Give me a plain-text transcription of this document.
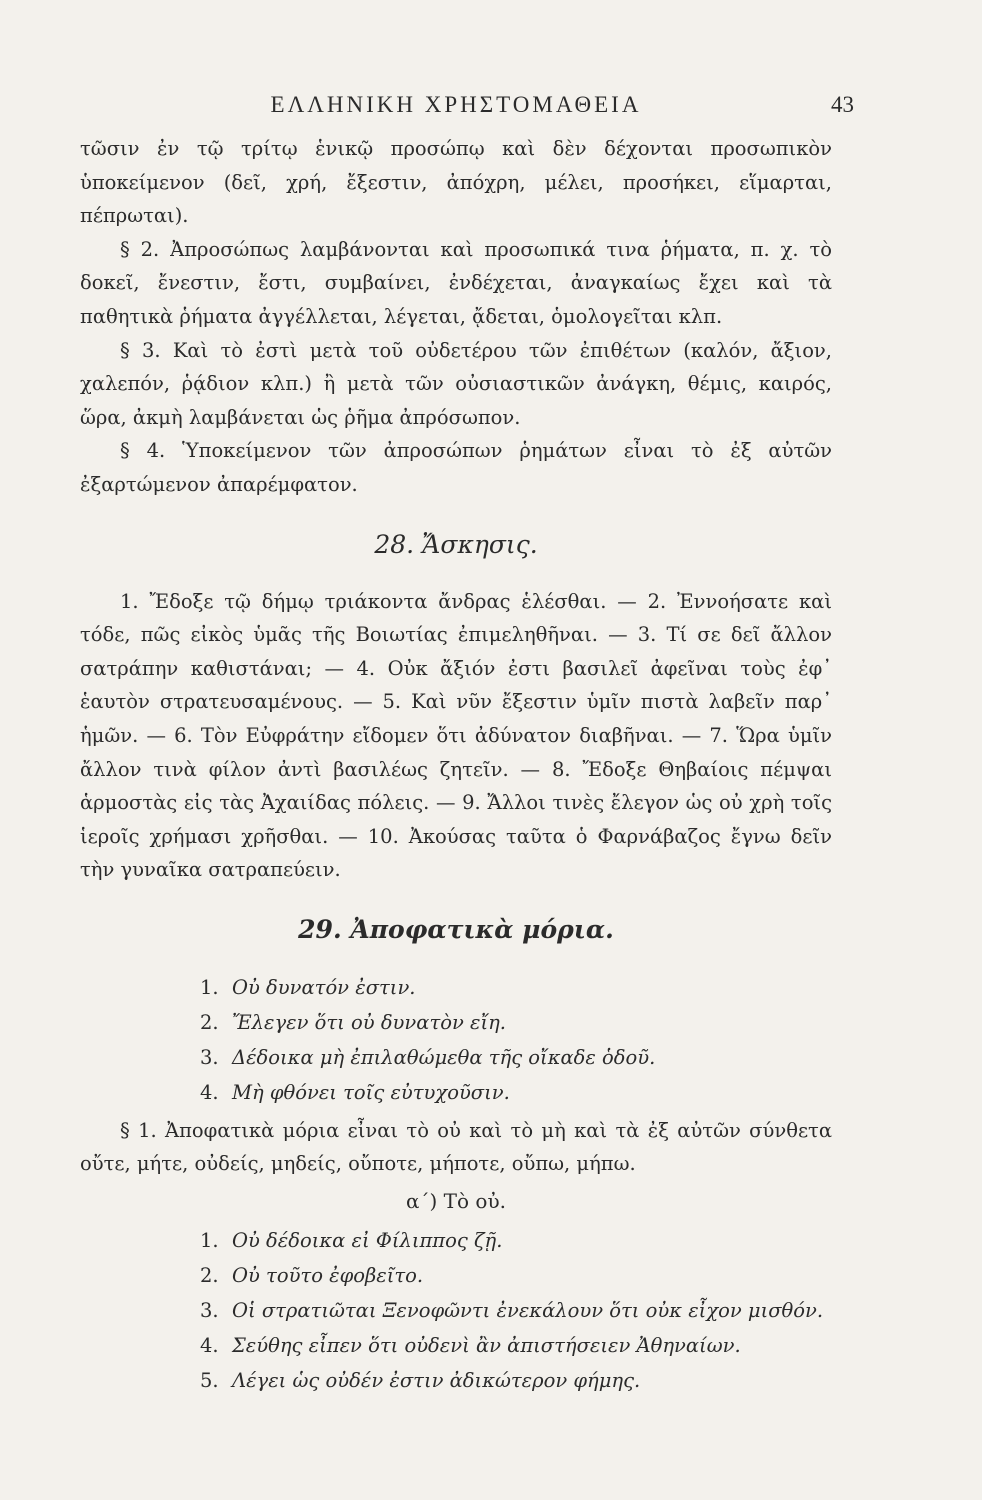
ΕΛΛΗΝΙΚΗ ΧΡΗΣΤΟΜΑΘΕΙΑ	43

τῶσιν ἐν τῷ τρίτῳ ἑνικῷ προσώπῳ καὶ δὲν δέχονται προσωπικὸν ὑποκείμενον (δεῖ, χρή, ἔξεστιν, ἀπόχρη, μέλει, προσήκει, εἵμαρται, πέπρωται).

§ 2. Ἀπροσώπως λαμβάνονται καὶ προσωπικά τινα ῥήματα, π. χ. τὸ δοκεῖ, ἔνεστιν, ἔστι, συμβαίνει, ἐνδέχεται, ἀναγκαίως ἔχει καὶ τὰ παθητικὰ ῥήματα ἀγγέλλεται, λέγεται, ᾄδεται, ὁμολογεῖται κλπ.

§ 3. Καὶ τὸ ἐστὶ μετὰ τοῦ οὐδετέρου τῶν ἐπιθέτων (καλόν, ἄξιον, χαλεπόν, ῥᾴδιον κλπ.) ἢ μετὰ τῶν οὐσιαστικῶν ἀνάγκη, θέμις, καιρός, ὥρα, ἀκμὴ λαμβάνεται ὡς ῥῆμα ἀπρόσωπον.

§ 4. Ὑποκείμενον τῶν ἀπροσώπων ῥημάτων εἶναι τὸ ἐξ αὐτῶν ἐξαρτώμενον ἀπαρέμφατον.

28. Ἄσκησις.

1. Ἔδοξε τῷ δήμῳ τριάκοντα ἄνδρας ἑλέσθαι. — 2. Ἐννοήσατε καὶ τόδε, πῶς εἰκὸς ὑμᾶς τῆς Βοιωτίας ἐπιμεληθῆναι. — 3. Τί σε δεῖ ἄλλον σατράπην καθιστάναι; — 4. Οὐκ ἄξιόν ἐστι βασιλεῖ ἀφεῖναι τοὺς ἐφ᾽ ἑαυτὸν στρατευσαμένους. — 5. Καὶ νῦν ἔξεστιν ὑμῖν πιστὰ λαβεῖν παρ᾽ ἡμῶν. — 6. Τὸν Εὐφράτην εἴδομεν ὅτι ἀδύνατον διαβῆναι. — 7. Ὥρα ὑμῖν ἄλλον τινὰ φίλον ἀντὶ βασιλέως ζητεῖν. — 8. Ἔδοξε Θηβαίοις πέμψαι ἁρμοστὰς εἰς τὰς Ἀχαιίδας πόλεις. — 9. Ἄλλοι τινὲς ἔλεγον ὡς οὐ χρὴ τοῖς ἱεροῖς χρήμασι χρῆσθαι. — 10. Ἀκούσας ταῦτα ὁ Φαρνάβαζος ἔγνω δεῖν τὴν γυναῖκα σατραπεύειν.

29. Ἀποφατικὰ μόρια.
1. Οὐ δυνατόν ἐστιν.
2. Ἔλεγεν ὅτι οὐ δυνατὸν εἴη.
3. Δέδοικα μὴ ἐπιλαθώμεθα τῆς οἴκαδε ὁδοῦ.
4. Μὴ φθόνει τοῖς εὐτυχοῦσιν.

§ 1. Ἀποφατικὰ μόρια εἶναι τὸ οὐ καὶ τὸ μὴ καὶ τὰ ἐξ αὐτῶν σύνθετα οὔτε, μήτε, οὐδείς, μηδείς, οὔποτε, μήποτε, οὔπω, μήπω.

α΄) Τὸ οὐ.
1. Οὐ δέδοικα εἰ Φίλιππος ζῇ.
2. Οὐ τοῦτο ἐφοβεῖτο.
3. Οἱ στρατιῶται Ξενοφῶντι ἐνεκάλουν ὅτι οὐκ εἶχον μισθόν.
4. Σεύθης εἶπεν ὅτι οὐδενὶ ἂν ἀπιστήσειεν Ἀθηναίων.
5. Λέγει ὡς οὐδέν ἐστιν ἀδικώτερον φήμης.
